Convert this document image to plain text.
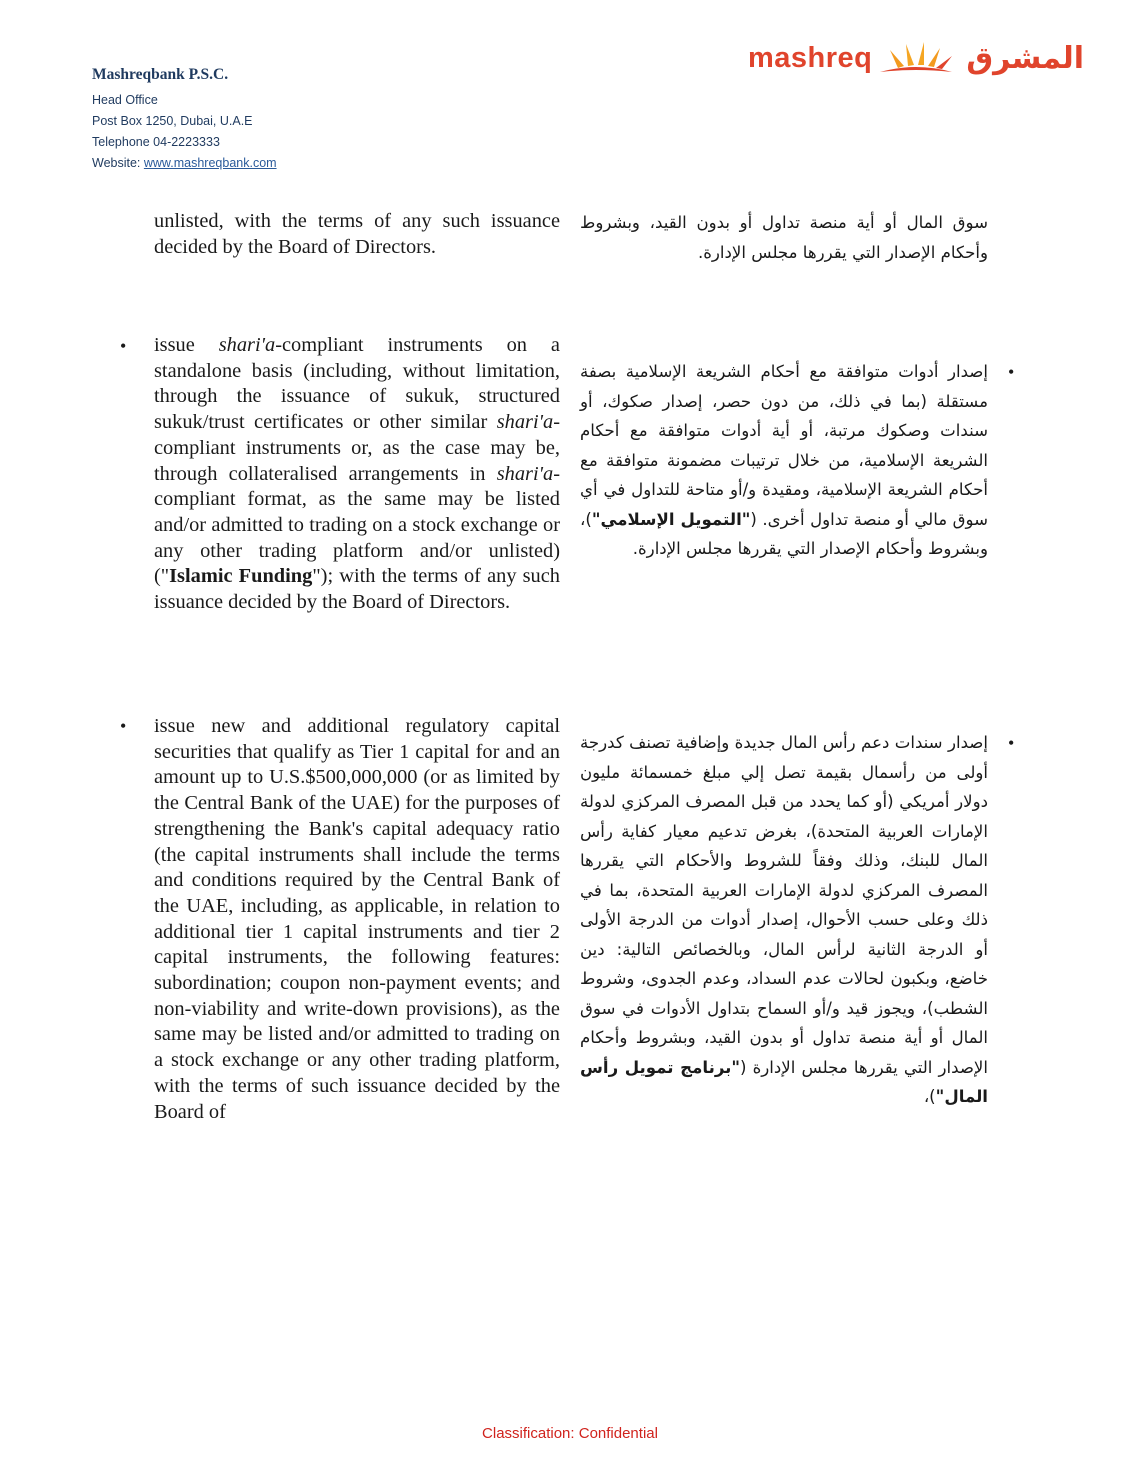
Mashreqbank P.S.C.
Head Office
Post Box 1250, Dubai, U.A.E
Telephone 04-2223333
Website: www.mashreqbank.com
mashreq	المشرق
unlisted, with the terms of any such issuance decided by the Board of Directors.
سوق المال أو أية منصة تداول أو بدون القيد، وبشروط وأحكام الإصدار التي يقررها مجلس الإدارة.
• issue shari'a-compliant instruments on a standalone basis (including, without limitation, through the issuance of sukuk, structured sukuk/trust certificates or other similar shari'a-compliant instruments or, as the case may be, through collateralised arrangements in shari'a-compliant format, as the same may be listed and/or admitted to trading on a stock exchange or any other trading platform and/or unlisted) ("Islamic Funding"); with the terms of any such issuance decided by the Board of Directors.
•
إصدار أدوات متوافقة مع أحكام الشريعة الإسلامية بصفة مستقلة (بما في ذلك، من دون حصر، إصدار صكوك، أو سندات وصكوك مرتبة، أو أية أدوات متوافقة مع أحكام الشريعة الإسلامية، من خلال ترتيبات مضمونة متوافقة مع أحكام الشريعة الإسلامية، ومقيدة و/أو متاحة للتداول في أي سوق مالي أو منصة تداول أخرى. ("التمويل الإسلامي")، وبشروط وأحكام الإصدار التي يقررها مجلس الإدارة.
• issue new and additional regulatory capital securities that qualify as Tier 1 capital for and an amount up to U.S.$500,000,000 (or as limited by the Central Bank of the UAE) for the purposes of strengthening the Bank's capital adequacy ratio (the capital instruments shall include the terms and conditions required by the Central Bank of the UAE, including, as applicable, in relation to additional tier 1 capital instruments and tier 2 capital instruments, the following features: subordination; coupon non-payment events; and non-viability and write-down provisions), as the same may be listed and/or admitted to trading on a stock exchange or any other trading platform, with the terms of such issuance decided by the Board of
•
إصدار سندات دعم رأس المال جديدة وإضافية تصنف كدرجة أولى من رأسمال بقيمة تصل إلي مبلغ خمسمائة مليون دولار أمريكي (أو كما يحدد من قبل المصرف المركزي لدولة الإمارات العربية المتحدة)، بغرض تدعيم معيار كفاية رأس المال للبنك، وذلك وفقاً للشروط والأحكام التي يقررها المصرف المركزي لدولة الإمارات العربية المتحدة، بما في ذلك وعلى حسب الأحوال، إصدار أدوات من الدرجة الأولى أو الدرجة الثانية لرأس المال، وبالخصائص التالية: دين خاضع، وبكبون لحالات عدم السداد، وعدم الجدوى، وشروط الشطب)، ويجوز قيد و/أو السماح بتداول الأدوات في سوق المال أو أية منصة تداول أو بدون القيد، وبشروط وأحكام الإصدار التي يقررها مجلس الإدارة ("برنامج تمويل رأس المال")،
Classification: Confidential
